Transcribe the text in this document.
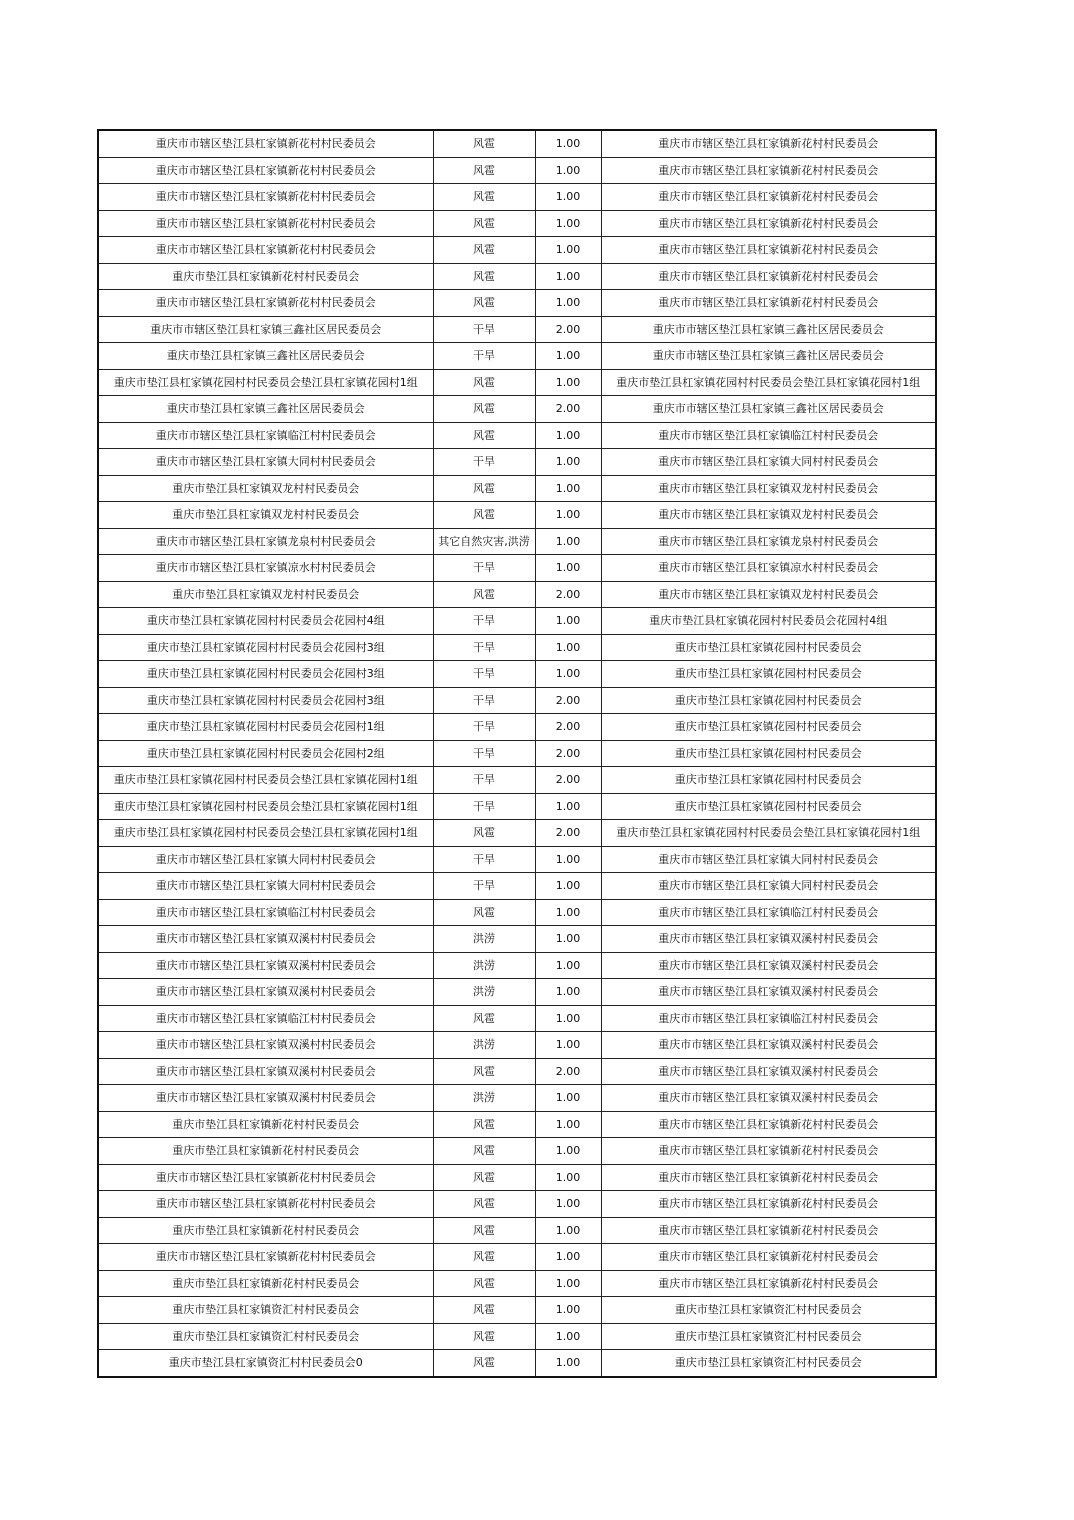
重庆市市辖区垫江县杠家镇新花村村民委员会	风雹	1.00	重庆市市辖区垫江县杠家镇新花村村民委员会
重庆市市辖区垫江县杠家镇新花村村民委员会	风雹	1.00	重庆市市辖区垫江县杠家镇新花村村民委员会
重庆市市辖区垫江县杠家镇新花村村民委员会	风雹	1.00	重庆市市辖区垫江县杠家镇新花村村民委员会
重庆市市辖区垫江县杠家镇新花村村民委员会	风雹	1.00	重庆市市辖区垫江县杠家镇新花村村民委员会
重庆市市辖区垫江县杠家镇新花村村民委员会	风雹	1.00	重庆市市辖区垫江县杠家镇新花村村民委员会
重庆市垫江县杠家镇新花村村民委员会	风雹	1.00	重庆市市辖区垫江县杠家镇新花村村民委员会
重庆市市辖区垫江县杠家镇新花村村民委员会	风雹	1.00	重庆市市辖区垫江县杠家镇新花村村民委员会
重庆市市辖区垫江县杠家镇三鑫社区居民委员会	干旱	2.00	重庆市市辖区垫江县杠家镇三鑫社区居民委员会
重庆市垫江县杠家镇三鑫社区居民委员会	干旱	1.00	重庆市市辖区垫江县杠家镇三鑫社区居民委员会
重庆市垫江县杠家镇花园村村民委员会垫江县杠家镇花园村1组	风雹	1.00	重庆市垫江县杠家镇花园村村民委员会垫江县杠家镇花园村1组
重庆市垫江县杠家镇三鑫社区居民委员会	风雹	2.00	重庆市市辖区垫江县杠家镇三鑫社区居民委员会
重庆市市辖区垫江县杠家镇临江村村民委员会	风雹	1.00	重庆市市辖区垫江县杠家镇临江村村民委员会
重庆市市辖区垫江县杠家镇大同村村民委员会	干旱	1.00	重庆市市辖区垫江县杠家镇大同村村民委员会
重庆市垫江县杠家镇双龙村村民委员会	风雹	1.00	重庆市市辖区垫江县杠家镇双龙村村民委员会
重庆市垫江县杠家镇双龙村村民委员会	风雹	1.00	重庆市市辖区垫江县杠家镇双龙村村民委员会
重庆市市辖区垫江县杠家镇龙泉村村民委员会	其它自然灾害,洪涝	1.00	重庆市市辖区垫江县杠家镇龙泉村村民委员会
重庆市市辖区垫江县杠家镇凉水村村民委员会	干旱	1.00	重庆市市辖区垫江县杠家镇凉水村村民委员会
重庆市垫江县杠家镇双龙村村民委员会	风雹	2.00	重庆市市辖区垫江县杠家镇双龙村村民委员会
重庆市垫江县杠家镇花园村村民委员会花园村4组	干旱	1.00	重庆市垫江县杠家镇花园村村民委员会花园村4组
重庆市垫江县杠家镇花园村村民委员会花园村3组	干旱	1.00	重庆市垫江县杠家镇花园村村民委员会
重庆市垫江县杠家镇花园村村民委员会花园村3组	干旱	1.00	重庆市垫江县杠家镇花园村村民委员会
重庆市垫江县杠家镇花园村村民委员会花园村3组	干旱	2.00	重庆市垫江县杠家镇花园村村民委员会
重庆市垫江县杠家镇花园村村民委员会花园村1组	干旱	2.00	重庆市垫江县杠家镇花园村村民委员会
重庆市垫江县杠家镇花园村村民委员会花园村2组	干旱	2.00	重庆市垫江县杠家镇花园村村民委员会
重庆市垫江县杠家镇花园村村民委员会垫江县杠家镇花园村1组	干旱	2.00	重庆市垫江县杠家镇花园村村民委员会
重庆市垫江县杠家镇花园村村民委员会垫江县杠家镇花园村1组	干旱	1.00	重庆市垫江县杠家镇花园村村民委员会
重庆市垫江县杠家镇花园村村民委员会垫江县杠家镇花园村1组	风雹	2.00	重庆市垫江县杠家镇花园村村民委员会垫江县杠家镇花园村1组
重庆市市辖区垫江县杠家镇大同村村民委员会	干旱	1.00	重庆市市辖区垫江县杠家镇大同村村民委员会
重庆市市辖区垫江县杠家镇大同村村民委员会	干旱	1.00	重庆市市辖区垫江县杠家镇大同村村民委员会
重庆市市辖区垫江县杠家镇临江村村民委员会	风雹	1.00	重庆市市辖区垫江县杠家镇临江村村民委员会
重庆市市辖区垫江县杠家镇双溪村村民委员会	洪涝	1.00	重庆市市辖区垫江县杠家镇双溪村村民委员会
重庆市市辖区垫江县杠家镇双溪村村民委员会	洪涝	1.00	重庆市市辖区垫江县杠家镇双溪村村民委员会
重庆市市辖区垫江县杠家镇双溪村村民委员会	洪涝	1.00	重庆市市辖区垫江县杠家镇双溪村村民委员会
重庆市市辖区垫江县杠家镇临江村村民委员会	风雹	1.00	重庆市市辖区垫江县杠家镇临江村村民委员会
重庆市市辖区垫江县杠家镇双溪村村民委员会	洪涝	1.00	重庆市市辖区垫江县杠家镇双溪村村民委员会
重庆市市辖区垫江县杠家镇双溪村村民委员会	风雹	2.00	重庆市市辖区垫江县杠家镇双溪村村民委员会
重庆市市辖区垫江县杠家镇双溪村村民委员会	洪涝	1.00	重庆市市辖区垫江县杠家镇双溪村村民委员会
重庆市垫江县杠家镇新花村村民委员会	风雹	1.00	重庆市市辖区垫江县杠家镇新花村村民委员会
重庆市垫江县杠家镇新花村村民委员会	风雹	1.00	重庆市市辖区垫江县杠家镇新花村村民委员会
重庆市市辖区垫江县杠家镇新花村村民委员会	风雹	1.00	重庆市市辖区垫江县杠家镇新花村村民委员会
重庆市市辖区垫江县杠家镇新花村村民委员会	风雹	1.00	重庆市市辖区垫江县杠家镇新花村村民委员会
重庆市垫江县杠家镇新花村村民委员会	风雹	1.00	重庆市市辖区垫江县杠家镇新花村村民委员会
重庆市市辖区垫江县杠家镇新花村村民委员会	风雹	1.00	重庆市市辖区垫江县杠家镇新花村村民委员会
重庆市垫江县杠家镇新花村村民委员会	风雹	1.00	重庆市市辖区垫江县杠家镇新花村村民委员会
重庆市垫江县杠家镇资汇村村民委员会	风雹	1.00	重庆市垫江县杠家镇资汇村村民委员会
重庆市垫江县杠家镇资汇村村民委员会	风雹	1.00	重庆市垫江县杠家镇资汇村村民委员会
重庆市垫江县杠家镇资汇村村民委员会0	风雹	1.00	重庆市垫江县杠家镇资汇村村民委员会
